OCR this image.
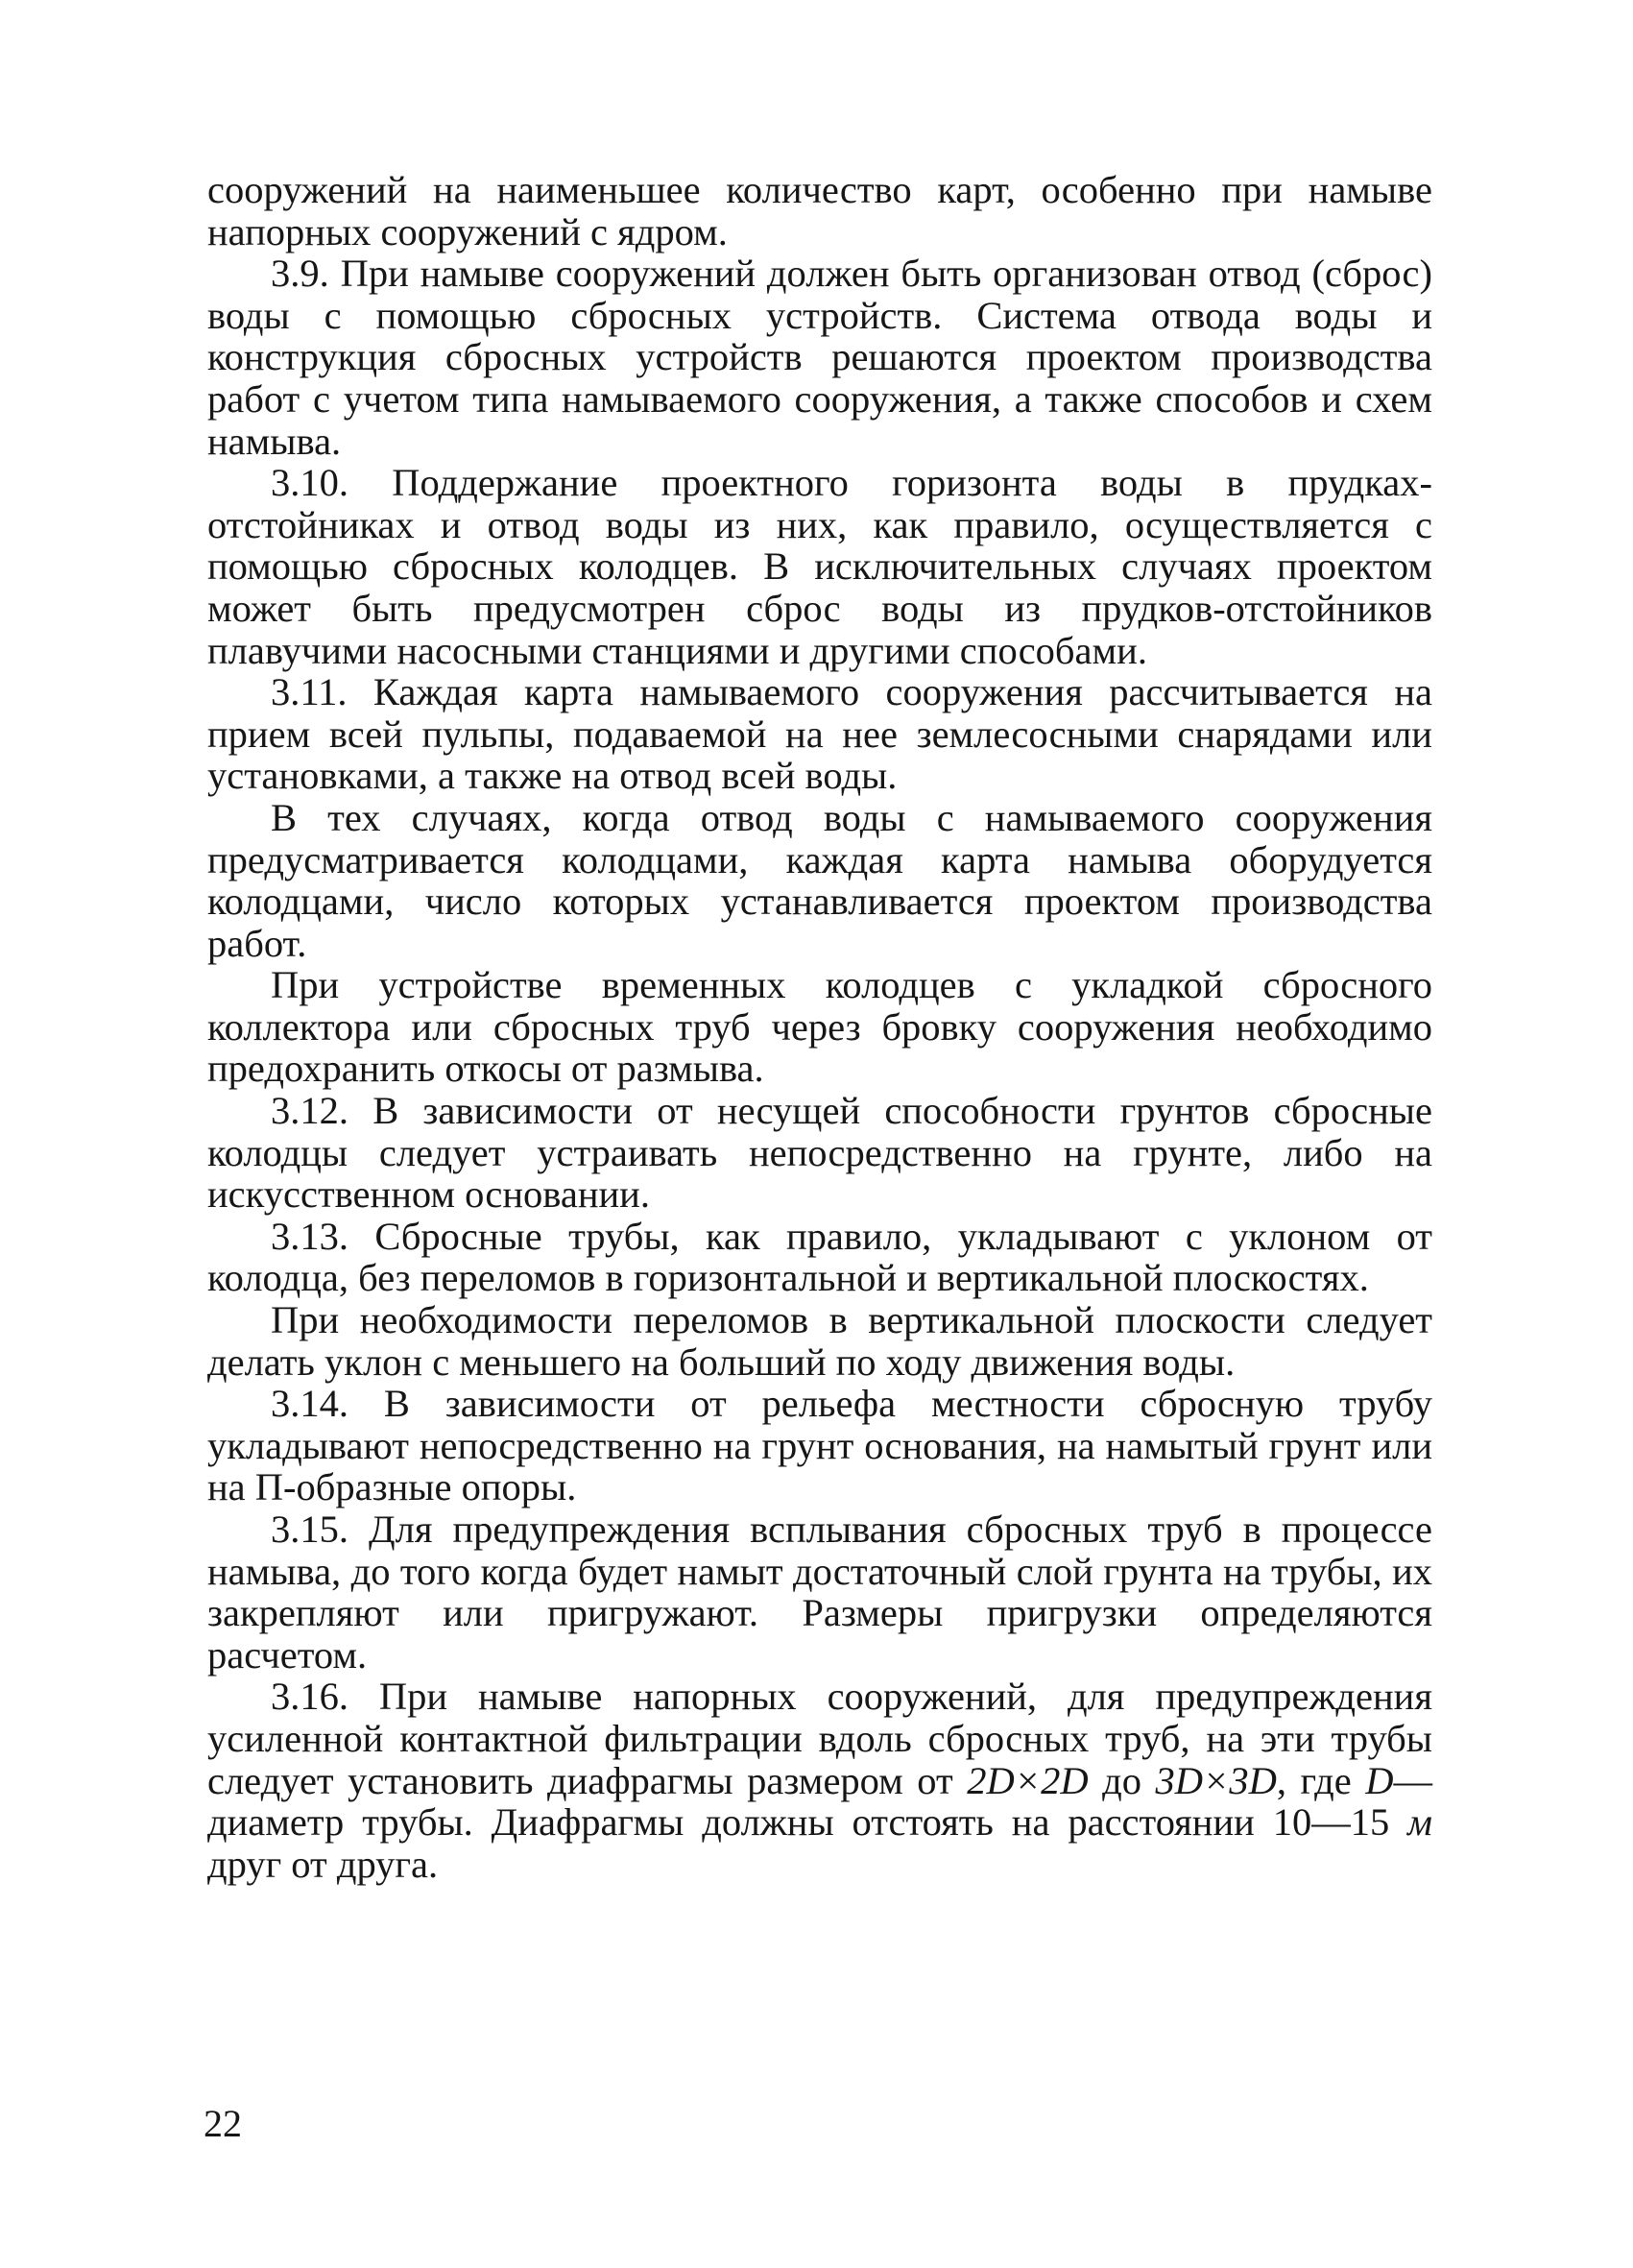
сооружений на наименьшее количество карт, особенно при намыве напорных сооружений с ядром.

3.9. При намыве сооружений должен быть организован отвод (сброс) воды с помощью сбросных устройств. Система отвода воды и конструкция сбросных устройств решаются проектом производства работ с учетом типа намываемого сооружения, а также способов и схем намыва.

3.10. Поддержание проектного горизонта воды в прудках-отстойниках и отвод воды из них, как правило, осуществляется с помощью сбросных колодцев. В исключительных случаях проектом может быть предусмотрен сброс воды из прудков-отстойников плавучими насосными станциями и другими способами.

3.11. Каждая карта намываемого сооружения рассчитывается на прием всей пульпы, подаваемой на нее землесосными снарядами или установками, а также на отвод всей воды.

В тех случаях, когда отвод воды с намываемого сооружения предусматривается колодцами, каждая карта намыва оборудуется колодцами, число которых устанавливается проектом производства работ.

При устройстве временных колодцев с укладкой сбросного коллектора или сбросных труб через бровку сооружения необходимо предохранить откосы от размыва.

3.12. В зависимости от несущей способности грунтов сбросные колодцы следует устраивать непосредственно на грунте, либо на искусственном основании.

3.13. Сбросные трубы, как правило, укладывают с уклоном от колодца, без переломов в горизонтальной и вертикальной плоскостях.

При необходимости переломов в вертикальной плоскости следует делать уклон с меньшего на больший по ходу движения воды.

3.14. В зависимости от рельефа местности сбросную трубу укладывают непосредственно на грунт основания, на намытый грунт или на П-образные опоры.

3.15. Для предупреждения всплывания сбросных труб в процессе намыва, до того когда будет намыт достаточный слой грунта на трубы, их закрепляют или пригружают. Размеры пригрузки определяются расчетом.

3.16. При намыве напорных сооружений, для предупреждения усиленной контактной фильтрации вдоль сбросных труб, на эти трубы следует установить диафрагмы размером от 2D×2D до 3D×3D, где D—диаметр трубы. Диафрагмы должны отстоять на расстоянии 10—15 м друг от друга.

22
